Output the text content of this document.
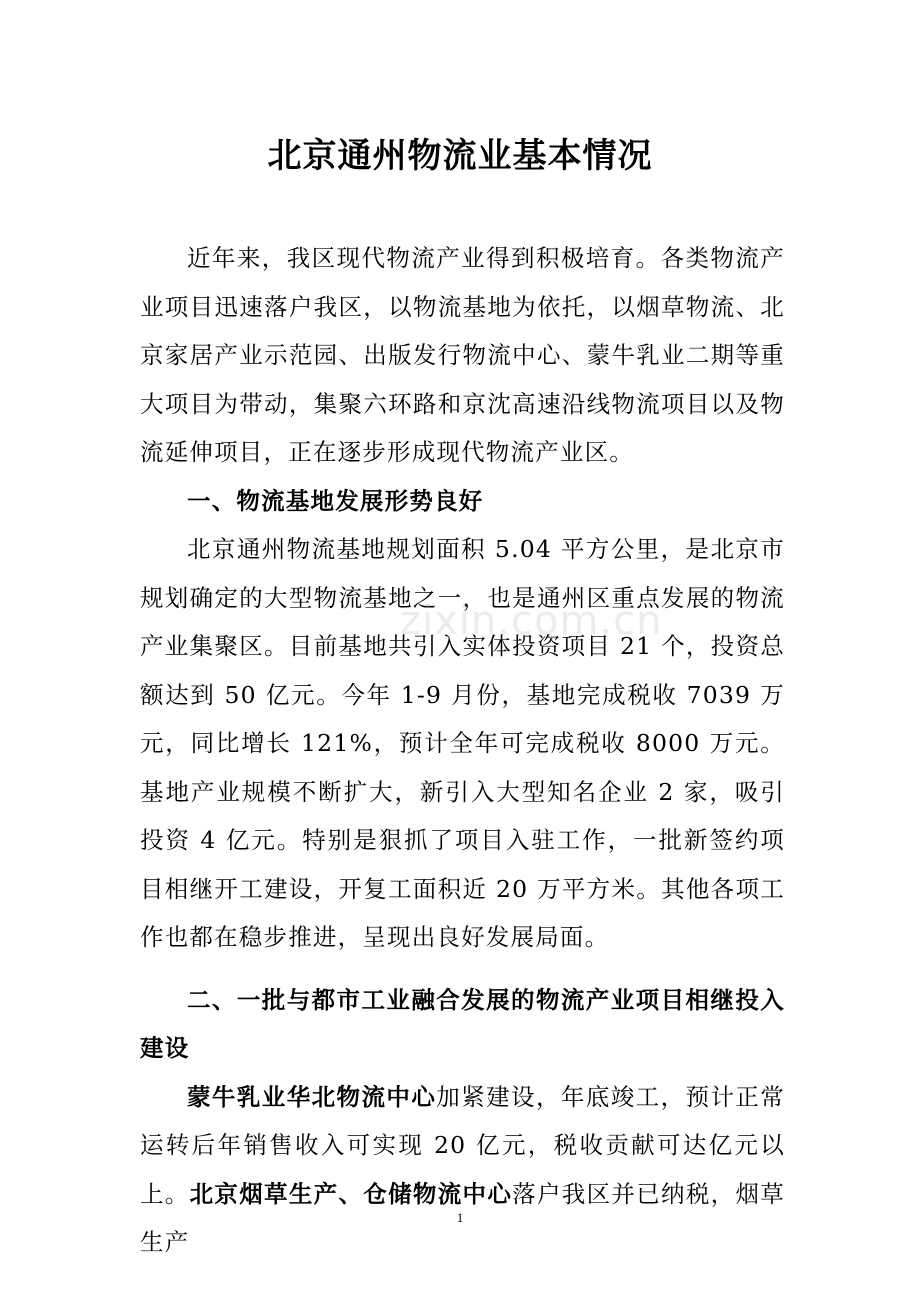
北京通州物流业基本情况

近年来，我区现代物流产业得到积极培育。各类物流产业项目迅速落户我区，以物流基地为依托，以烟草物流、北京家居产业示范园、出版发行物流中心、蒙牛乳业二期等重大项目为带动，集聚六环路和京沈高速沿线物流项目以及物流延伸项目，正在逐步形成现代物流产业区。

一、物流基地发展形势良好

北京通州物流基地规划面积 5.04 平方公里，是北京市规划确定的大型物流基地之一，也是通州区重点发展的物流产业集聚区。目前基地共引入实体投资项目 21 个，投资总额达到 50 亿元。今年 1-9 月份，基地完成税收 7039 万元，同比增长 121%，预计全年可完成税收 8000 万元。基地产业规模不断扩大，新引入大型知名企业 2 家，吸引投资 4 亿元。特别是狠抓了项目入驻工作，一批新签约项目相继开工建设，开复工面积近 20 万平方米。其他各项工作也都在稳步推进，呈现出良好发展局面。

二、一批与都市工业融合发展的物流产业项目相继投入建设

蒙牛乳业华北物流中心加紧建设，年底竣工，预计正常运转后年销售收入可实现 20 亿元，税收贡献可达亿元以上。北京烟草生产、仓储物流中心落户我区并已纳税，烟草生产

zixin.com.cn
1
